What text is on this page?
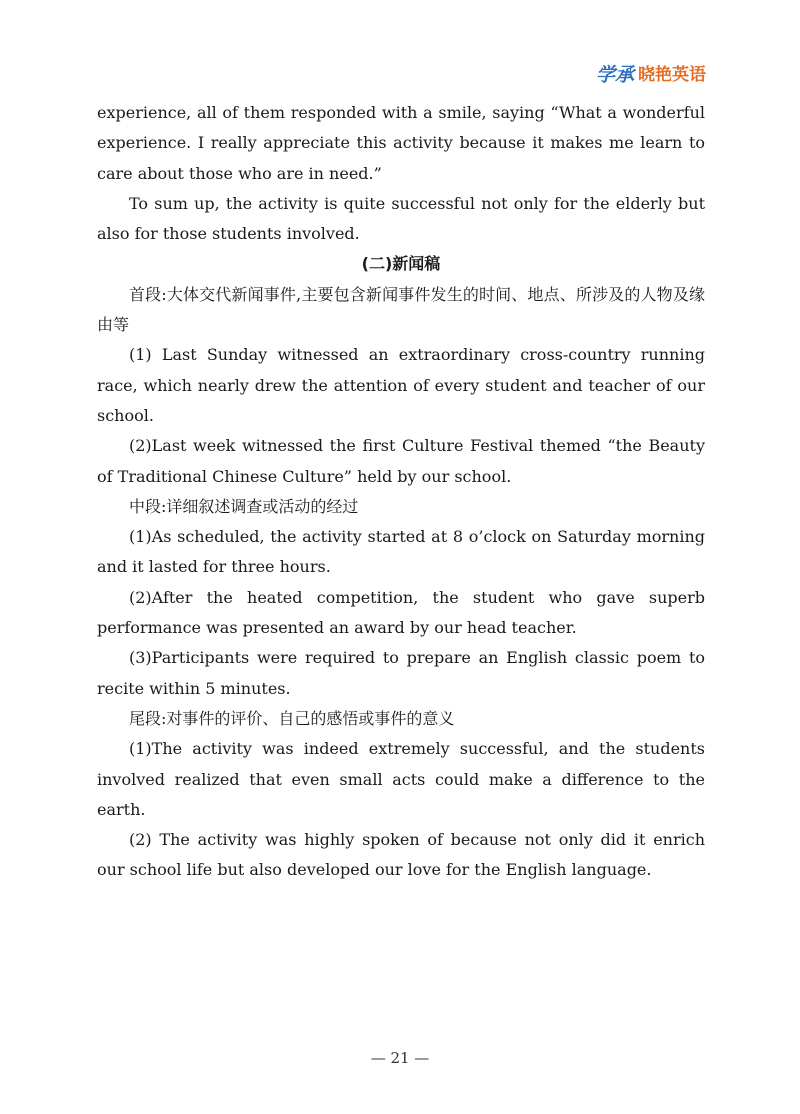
学承 晓艳英语

experience, all of them responded with a smile, saying “What a wonderful experience. I really appreciate this activity because it makes me learn to care about those who are in need.”

To sum up, the activity is quite successful not only for the elderly but also for those students involved.

(二)新闻稿

首段:大体交代新闻事件,主要包含新闻事件发生的时间、地点、所涉及的人物及缘由等

(1) Last Sunday witnessed an extraordinary cross-country running race, which nearly drew the attention of every student and teacher of our school.

(2)Last week witnessed the first Culture Festival themed “the Beauty of Traditional Chinese Culture” held by our school.

中段:详细叙述调查或活动的经过

(1)As scheduled, the activity started at 8 o’clock on Saturday morning and it lasted for three hours.

(2)After the heated competition, the student who gave superb performance was presented an award by our head teacher.

(3)Participants were required to prepare an English classic poem to recite within 5 minutes.

尾段:对事件的评价、自己的感悟或事件的意义

(1)The activity was indeed extremely successful, and the students involved realized that even small acts could make a difference to the earth.

(2) The activity was highly spoken of because not only did it enrich our school life but also developed our love for the English language.

— 21 —
